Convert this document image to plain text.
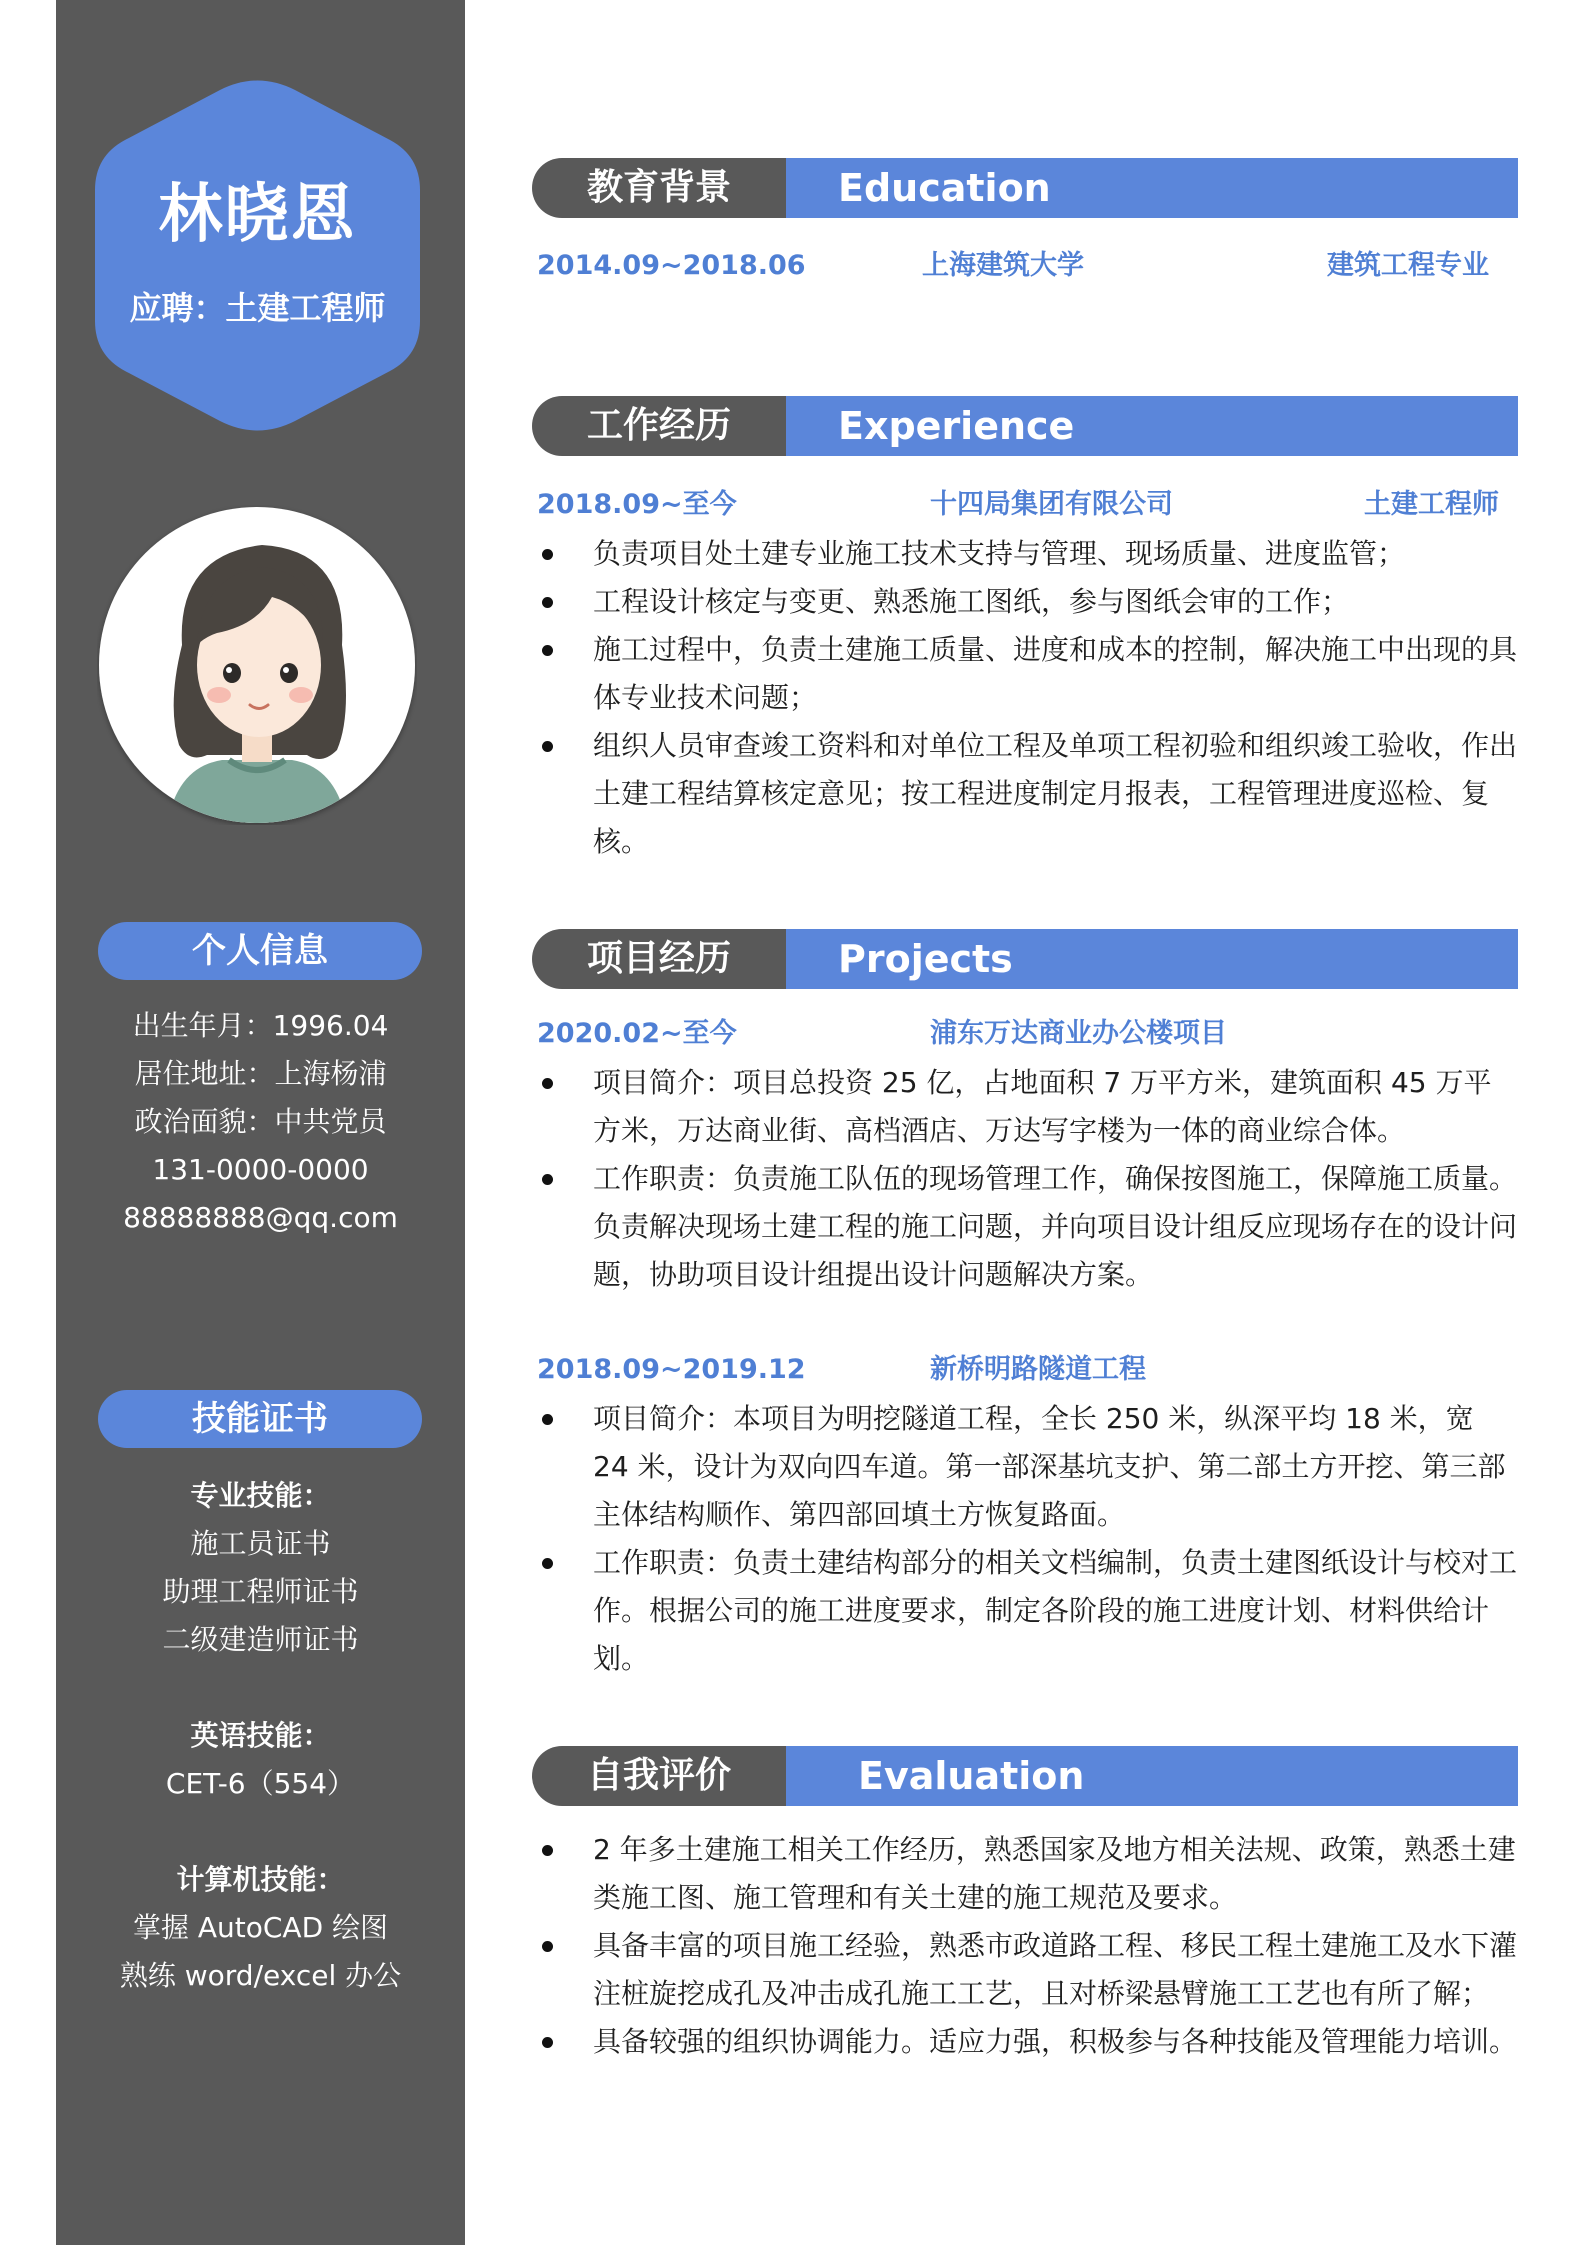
林晓恩
应聘：土建工程师
个人信息
出生年月：1996.04
居住地址：上海杨浦
政治面貌：中共党员
131-0000-0000
88888888@qq.com
技能证书
专业技能：
施工员证书
助理工程师证书
二级建造师证书
英语技能：
CET-6（554）
计算机技能：
掌握 AutoCAD 绘图
熟练 word/excel 办公
教育背景	Education
2014.09~2018.06	上海建筑大学	建筑工程专业
工作经历	Experience
2018.09~至今	十四局集团有限公司	土建工程师
负责项目处土建专业施工技术支持与管理、现场质量、进度监管；
工程设计核定与变更、熟悉施工图纸，参与图纸会审的工作；
施工过程中，负责土建施工质量、进度和成本的控制，解决施工中出现的具体专业技术问题；
组织人员审查竣工资料和对单位工程及单项工程初验和组织竣工验收，作出土建工程结算核定意见；按工程进度制定月报表，工程管理进度巡检、复核。
项目经历	Projects
2020.02~至今	浦东万达商业办公楼项目
项目简介：项目总投资 25 亿，占地面积 7 万平方米，建筑面积 45 万平方米，万达商业街、高档酒店、万达写字楼为一体的商业综合体。
工作职责：负责施工队伍的现场管理工作，确保按图施工，保障施工质量。负责解决现场土建工程的施工问题，并向项目设计组反应现场存在的设计问题，协助项目设计组提出设计问题解决方案。
2018.09~2019.12	新桥明路隧道工程
项目简介：本项目为明挖隧道工程，全长 250 米，纵深平均 18 米，宽 24 米，设计为双向四车道。第一部深基坑支护、第二部土方开挖、第三部主体结构顺作、第四部回填土方恢复路面。
工作职责：负责土建结构部分的相关文档编制，负责土建图纸设计与校对工作。根据公司的施工进度要求，制定各阶段的施工进度计划、材料供给计划。
自我评价	Evaluation
2 年多土建施工相关工作经历，熟悉国家及地方相关法规、政策，熟悉土建类施工图、施工管理和有关土建的施工规范及要求。
具备丰富的项目施工经验，熟悉市政道路工程、移民工程土建施工及水下灌注桩旋挖成孔及冲击成孔施工工艺，且对桥梁悬臂施工工艺也有所了解；
具备较强的组织协调能力。适应力强，积极参与各种技能及管理能力培训。
